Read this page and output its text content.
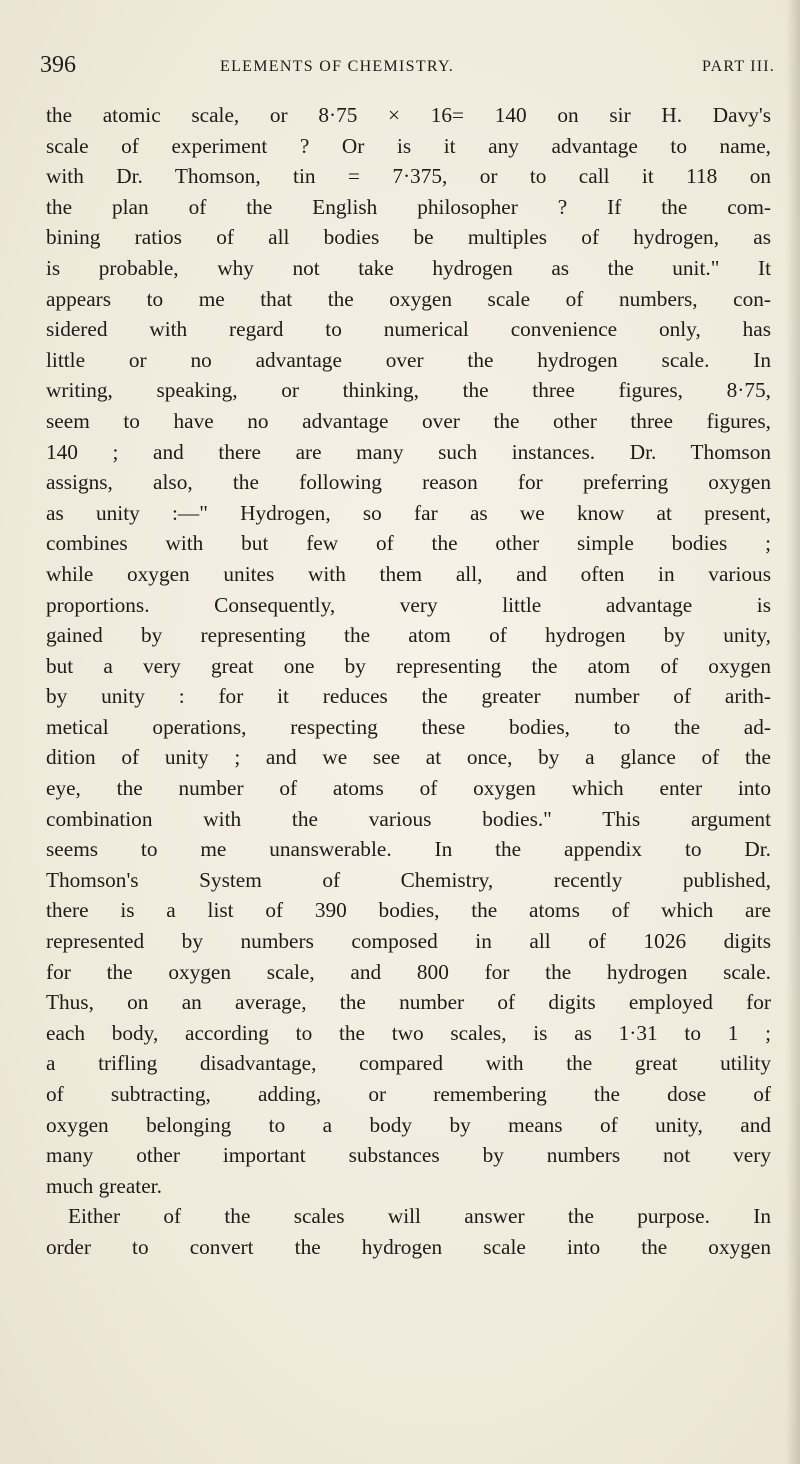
396	ELEMENTS OF CHEMISTRY.	PART III.
the atomic scale, or 8·75 × 16= 140 on sir H. Davy's
scale of experiment ? Or is it any advantage to name,
with Dr. Thomson, tin = 7·375, or to call it 118 on
the plan of the English philosopher ? If the com-
bining ratios of all bodies be multiples of hydrogen, as
is probable, why not take hydrogen as the unit." It
appears to me that the oxygen scale of numbers, con-
sidered with regard to numerical convenience only, has
little or no advantage over the hydrogen scale. In
writing, speaking, or thinking, the three figures, 8·75,
seem to have no advantage over the other three figures,
140 ; and there are many such instances. Dr. Thomson
assigns, also, the following reason for preferring oxygen
as unity :—" Hydrogen, so far as we know at present,
combines with but few of the other simple bodies ;
while oxygen unites with them all, and often in various
proportions. Consequently, very little advantage is
gained by representing the atom of hydrogen by unity,
but a very great one by representing the atom of oxygen
by unity : for it reduces the greater number of arith-
metical operations, respecting these bodies, to the ad-
dition of unity ; and we see at once, by a glance of the
eye, the number of atoms of oxygen which enter into
combination with the various bodies." This argument
seems to me unanswerable. In the appendix to Dr.
Thomson's System of Chemistry, recently published,
there is a list of 390 bodies, the atoms of which are
represented by numbers composed in all of 1026 digits
for the oxygen scale, and 800 for the hydrogen scale.
Thus, on an average, the number of digits employed for
each body, according to the two scales, is as 1·31 to 1 ;
a trifling disadvantage, compared with the great utility
of subtracting, adding, or remembering the dose of
oxygen belonging to a body by means of unity, and
many other important substances by numbers not very
much greater.
Either of the scales will answer the purpose. In
order to convert the hydrogen scale into the oxygen
